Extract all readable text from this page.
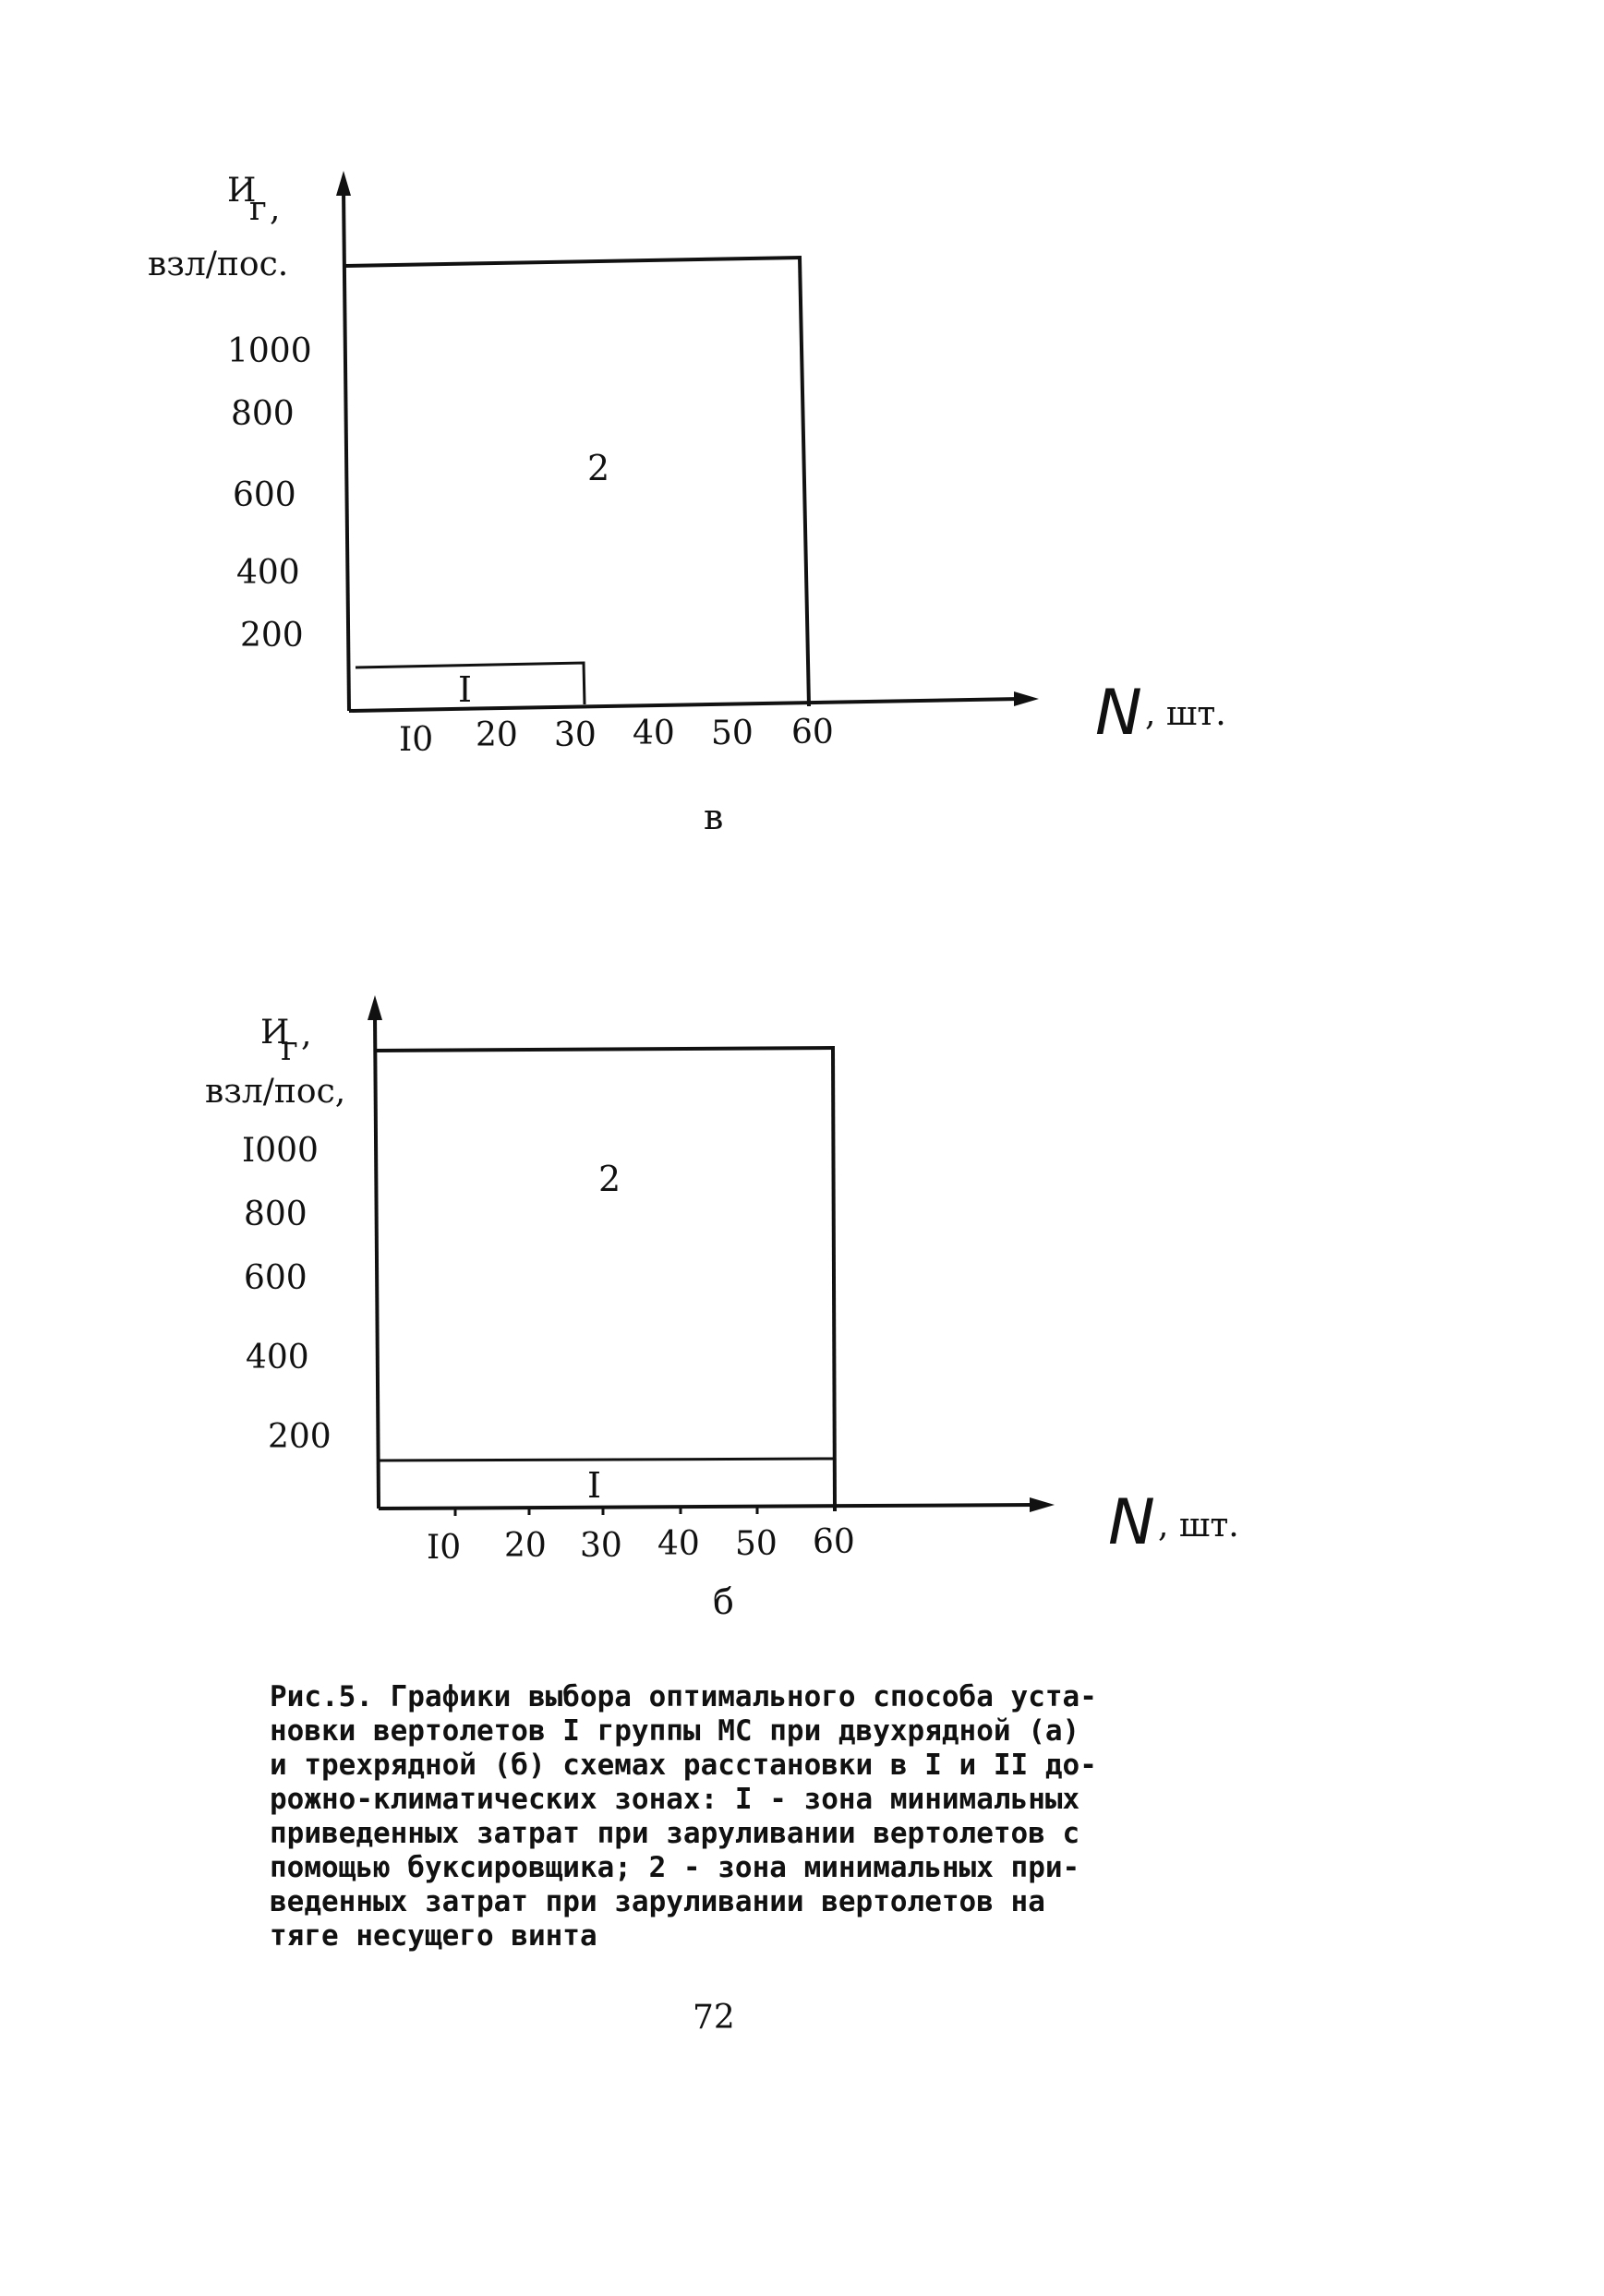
2
I
1000
800
600
400
200
I0 20 30 40 50 60
И
г ,
взл/пос.
N , шт.
в
2
I
I000
800
600
400
200
I0 20 30 40 50 60
И
г ,
взл/пос,
N , шт.
б
Рис.5. Графики выбора оптимального способа уста-
новки вертолетов I группы МС при двухрядной (а)
и трехрядной (б) схемах расстановки в I и II до-
рожно-климатических зонах: I - зона минимальных
приведенных затрат при заруливании вертолетов с
помощью буксировщика; 2 - зона минимальных при-
веденных затрат при заруливании вертолетов на
тяге несущего винта
72
